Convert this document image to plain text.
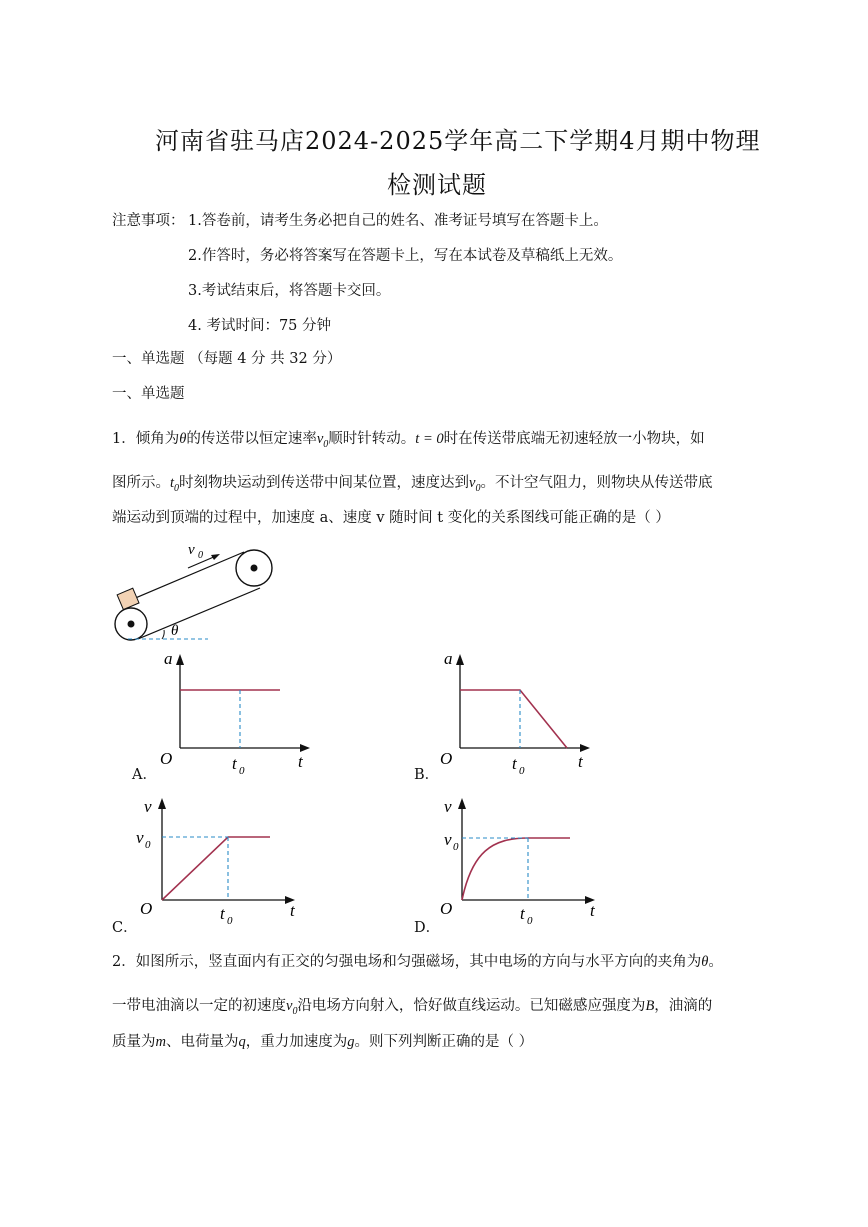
河南省驻马店2024-2025学年高二下学期4月期中物理
检测试题
注意事项： 1.答卷前，请考生务必把自己的姓名、准考证号填写在答题卡上。
2.作答时，务必将答案写在答题卡上，写在本试卷及草稿纸上无效。
3.考试结束后，将答题卡交回。
4. 考试时间：75 分钟
一、单选题 （每题 4 分 共 32 分）
一、单选题
1．倾角为θ的传送带以恒定速率$v_0$顺时针转动。t = 0时在传送带底端无初速轻放一小物块，如
图所示。$t_0$时刻物块运动到传送带中间某位置，速度达到$v_0$。不计空气阻力，则物块从传送带底
端运动到顶端的过程中，加速度 a、速度 v 随时间 t 变化的关系图线可能正确的是（ ）
v 0
θ
a
O	t 0	t
A．
a
O	t 0	t
B．
v
v 0
O	t 0
t
C．
v
v 0
O	t 0
t
D．
2．如图所示，竖直面内有正交的匀强电场和匀强磁场，其中电场的方向与水平方向的夹角为θ。
一带电油滴以一定的初速度$v_0$沿电场方向射入，恰好做直线运动。已知磁感应强度为B，油滴的
质量为m、电荷量为q，重力加速度为g。则下列判断正确的是（ ）
